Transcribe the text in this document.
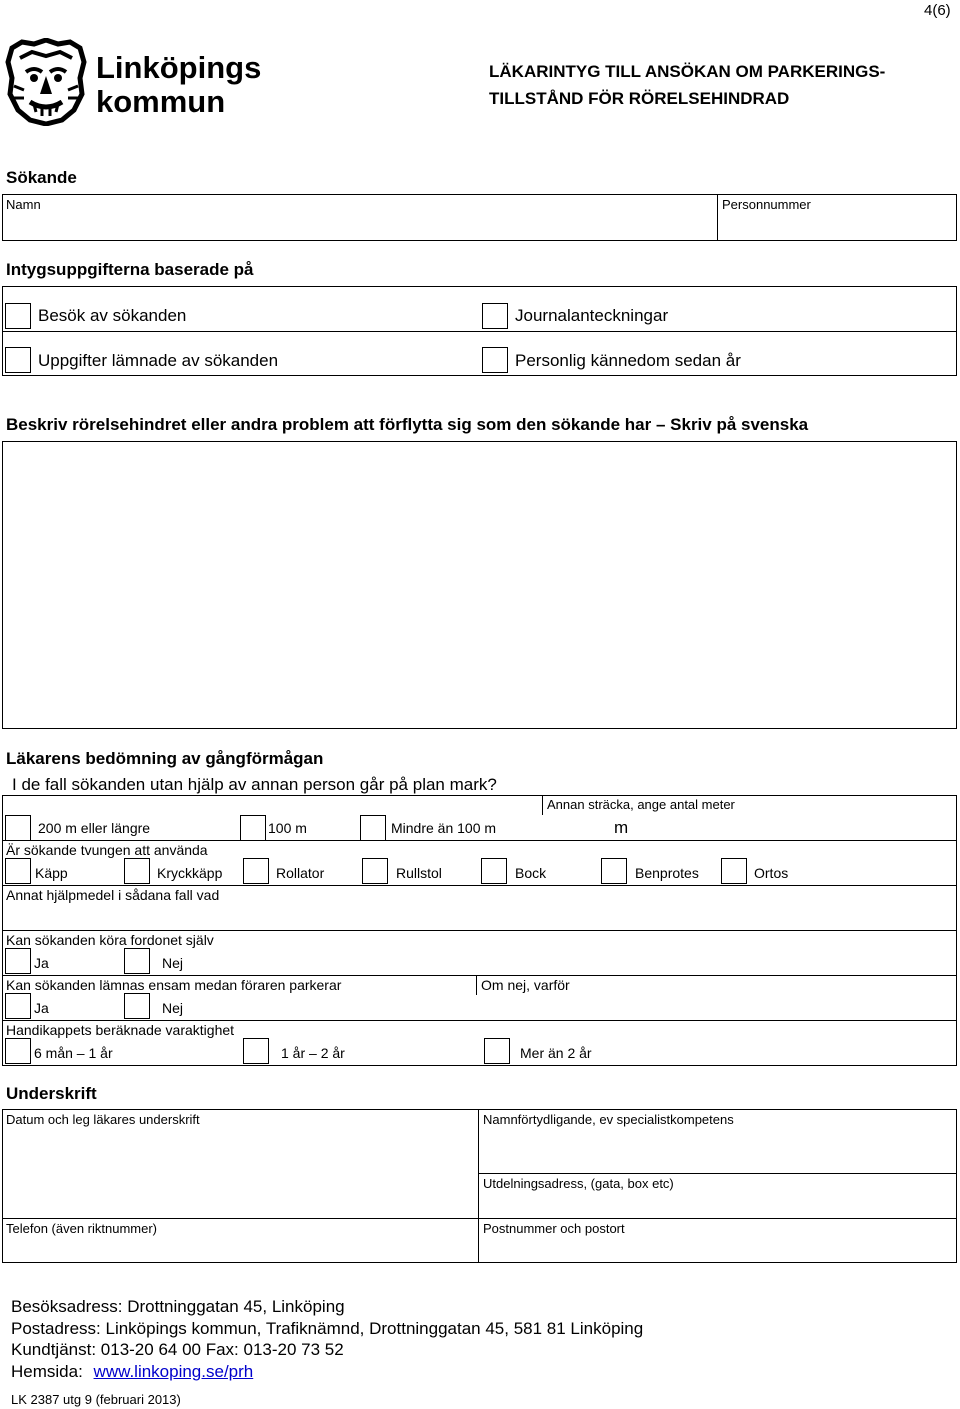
4(6)
Linköpings
kommun
LÄKARINTYG TILL ANSÖKAN OM PARKERINGS-
TILLSTÅND FÖR RÖRELSEHINDRAD
Sökande
Namn	Personnummer
Intygsuppgifterna baserade på
Besök av sökanden	Journalanteckningar
Uppgifter lämnade av sökanden	Personlig kännedom sedan år
Beskriv rörelsehindret eller andra problem att förflytta sig som den sökande har – Skriv på svenska
Läkarens bedömning av gångförmågan
I de fall sökanden utan hjälp av annan person går på plan mark?
Annan sträcka, ange antal meter
200 m eller längre	100 m	Mindre än 100 m	m
Är sökande tvungen att använda
Käpp	Kryckkäpp	Rollator	Rullstol	Bock	Benprotes	Ortos
Annat hjälpmedel i sådana fall vad
Kan sökanden köra fordonet själv
Ja	Nej
Kan sökanden lämnas ensam medan föraren parkerar	Om nej, varför
Ja	Nej
Handikappets beräknade varaktighet
6 mån – 1 år	1 år – 2 år	Mer än 2 år
Underskrift
Datum och leg läkares underskrift	Namnförtydligande, ev specialistkompetens
Utdelningsadress, (gata, box etc)
Telefon (även riktnummer)	Postnummer och postort
Besöksadress: Drottninggatan 45, Linköping
Postadress: Linköpings kommun, Trafiknämnd, Drottninggatan 45, 581 81 Linköping
Kundtjänst: 013-20 64 00 Fax: 013-20 73 52
Hemsida: www.linkoping.se/prh
LK 2387 utg 9 (februari 2013)
